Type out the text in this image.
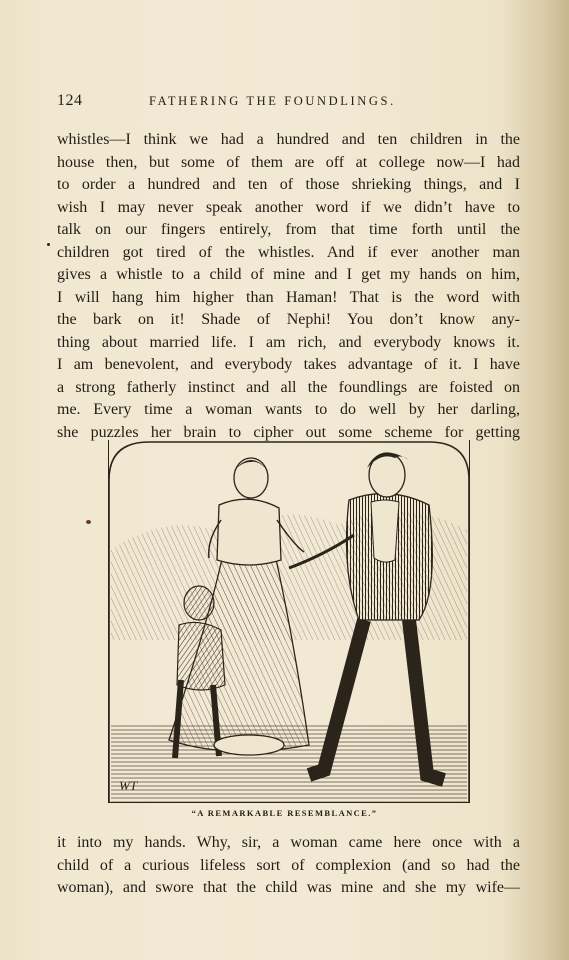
124	FATHERING THE FOUNDLINGS.
whistles—I think we had a hundred and ten children in the
house then, but some of them are off at college now—I had
to order a hundred and ten of those shrieking things, and I
wish I may never speak another word if we didn’t have to
talk on our fingers entirely, from that time forth until the
children got tired of the whistles. And if ever another man
gives a whistle to a child of mine and I get my hands on him,
I will hang him higher than Haman! That is the word with
the bark on it! Shade of Nephi! You don’t know any-
thing about married life. I am rich, and everybody knows it.
I am benevolent, and everybody takes advantage of it. I have
a strong fatherly instinct and all the foundlings are foisted on
me. Every time a woman wants to do well by her darling,
she puzzles her brain to cipher out some scheme for getting
WT
“A REMARKABLE RESEMBLANCE.”
it into my hands. Why, sir, a woman came here once with a
child of a curious lifeless sort of complexion (and so had the
woman), and swore that the child was mine and she my wife—
